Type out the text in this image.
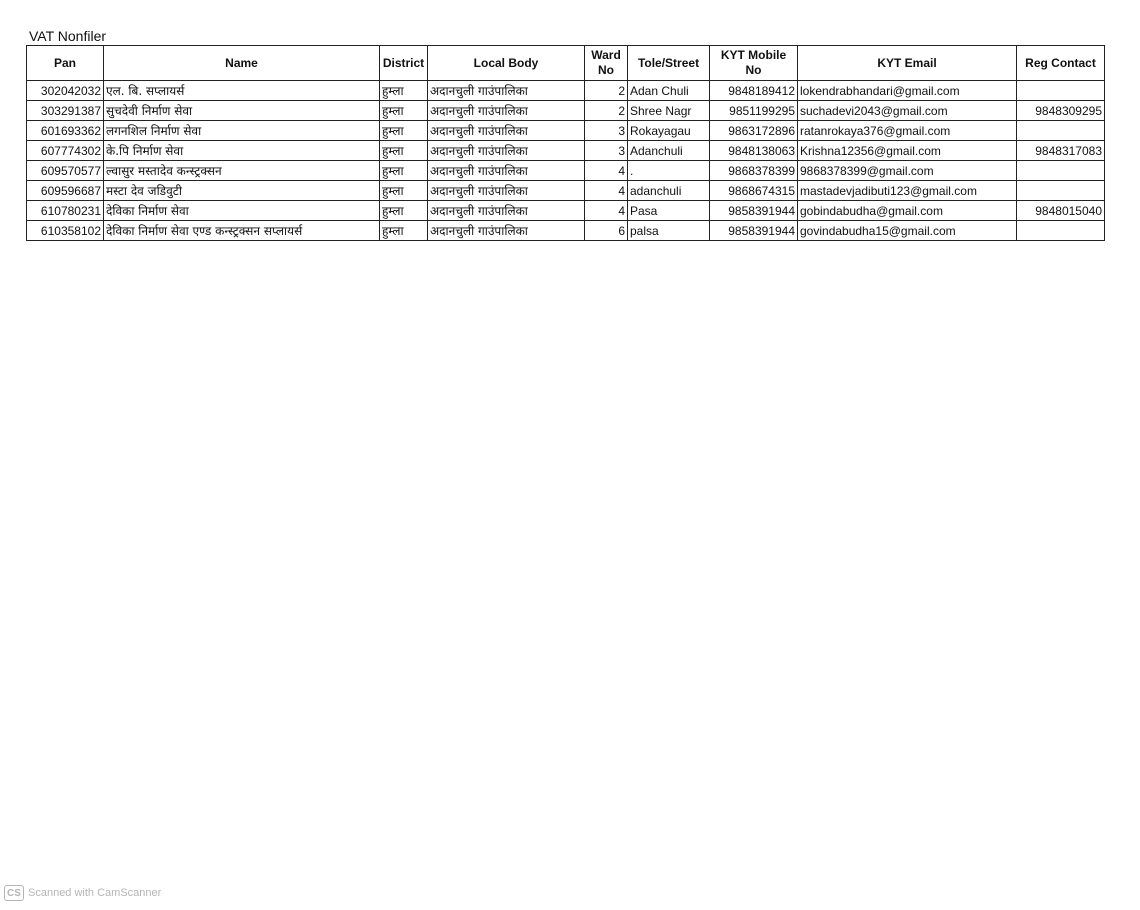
VAT Nonfiler
Pan	Name	District	Local Body	Ward No	Tole/Street	KYT Mobile No	KYT Email	Reg Contact
302042032	एल. बि. सप्लायर्स	हुम्ला	अदानचुली गाउंपालिका	2	Adan Chuli	9848189412	lokendrabhandari@gmail.com	
303291387	सुचदेवी निर्माण सेवा	हुम्ला	अदानचुली गाउंपालिका	2	Shree Nagr	9851199295	suchadevi2043@gmail.com	9848309295
601693362	लगनशिल निर्माण सेवा	हुम्ला	अदानचुली गाउंपालिका	3	Rokayagau	9863172896	ratanrokaya376@gmail.com	
607774302	के.पि निर्माण सेवा	हुम्ला	अदानचुली गाउंपालिका	3	Adanchuli	9848138063	Krishna12356@gmail.com	9848317083
609570577	ल्वासुर मस्तादेव कन्स्ट्रक्सन	हुम्ला	अदानचुली गाउंपालिका	4	.	9868378399	9868378399@gmail.com	
609596687	मस्टा देव जडिवुटी	हुम्ला	अदानचुली गाउंपालिका	4	adanchuli	9868674315	mastadevjadibuti123@gmail.com	
610780231	देविका निर्माण सेवा	हुम्ला	अदानचुली गाउंपालिका	4	Pasa	9858391944	gobindabudha@gmail.com	9848015040
610358102	देविका निर्माण सेवा एण्ड कन्स्ट्रक्सन सप्लायर्स	हुम्ला	अदानचुली गाउंपालिका	6	palsa	9858391944	govindabudha15@gmail.com	
CS Scanned with CamScanner
